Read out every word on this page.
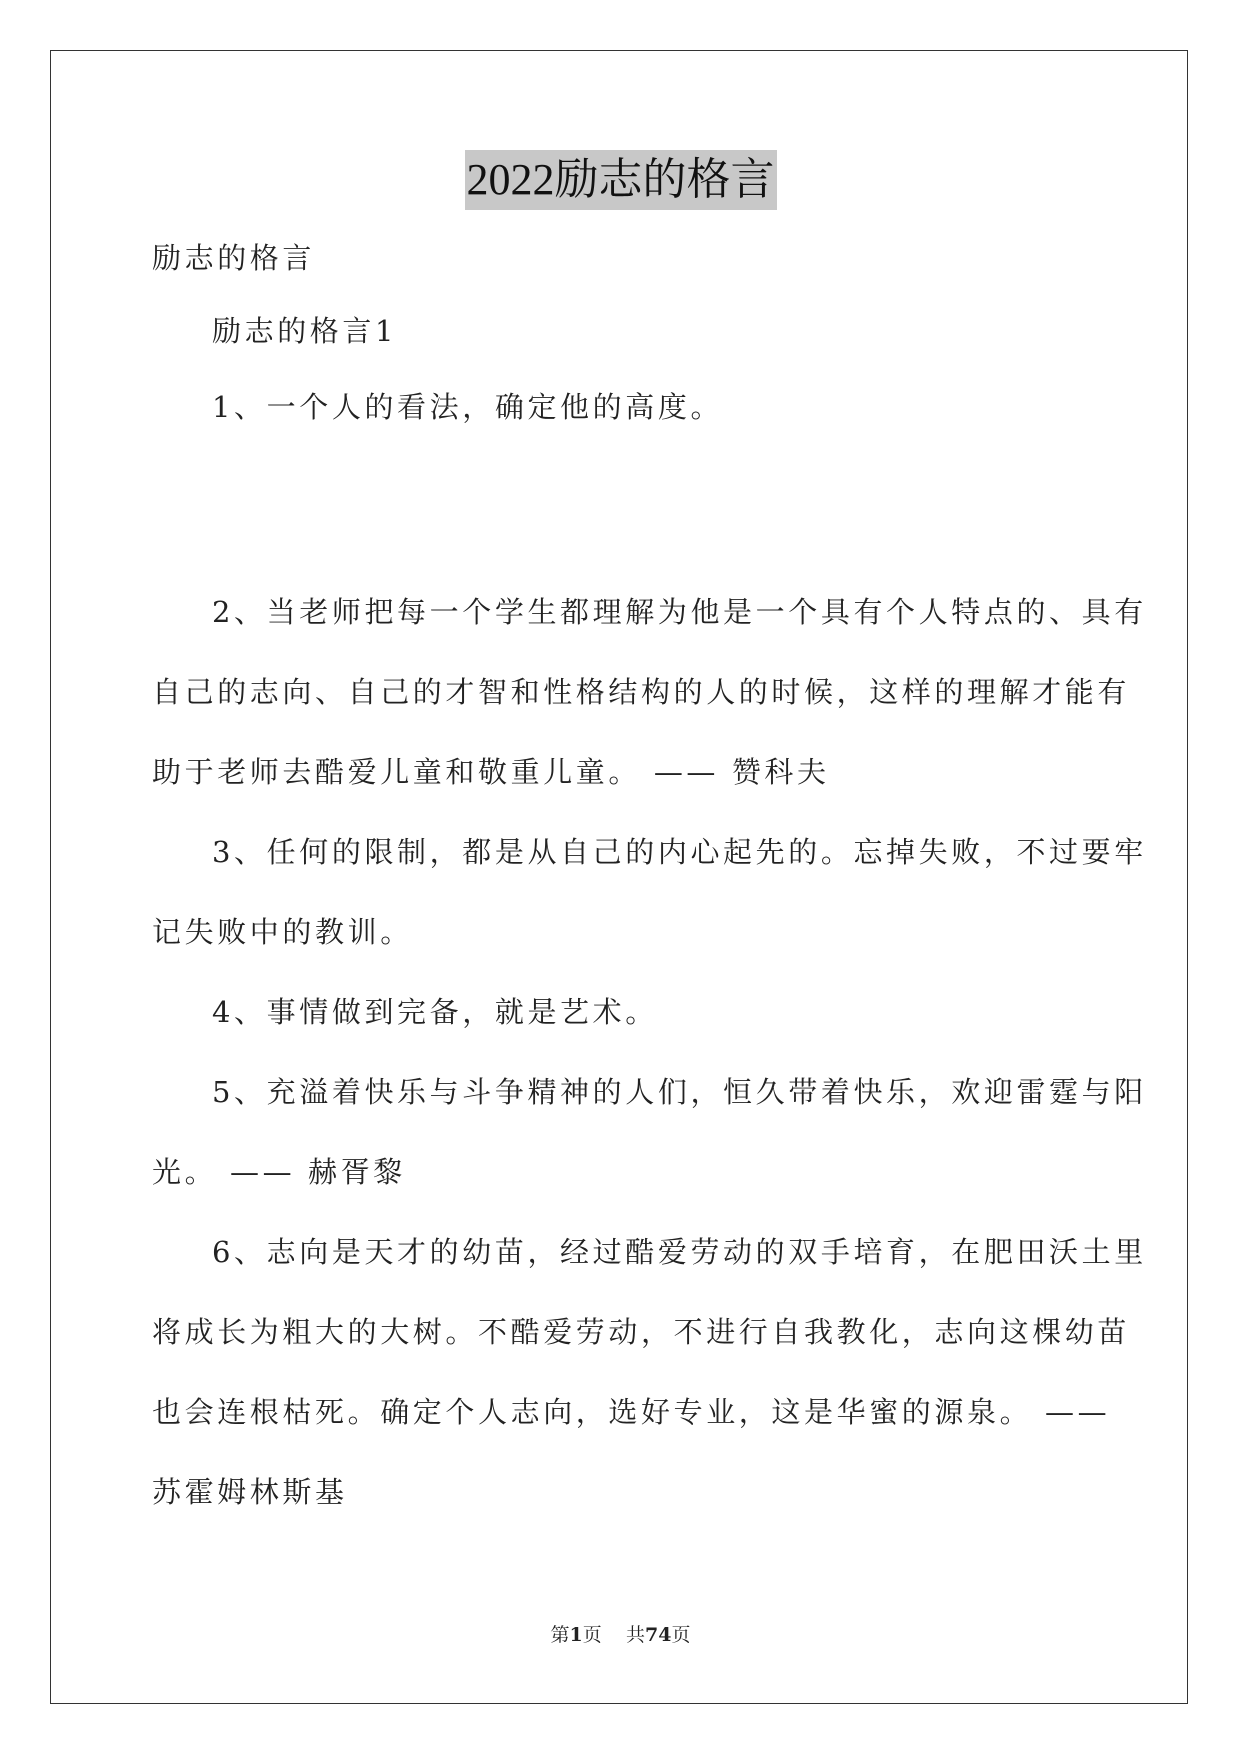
2022励志的格言
励志的格言
励志的格言1
1、一个人的看法，确定他的高度。
2、当老师把每一个学生都理解为他是一个具有个人特点的、具有
自己的志向、自己的才智和性格结构的人的时候，这样的理解才能有
助于老师去酷爱儿童和敬重儿童。 —— 赞科夫
3、任何的限制，都是从自己的内心起先的。忘掉失败，不过要牢
记失败中的教训。
4、事情做到完备，就是艺术。
5、充溢着快乐与斗争精神的人们，恒久带着快乐，欢迎雷霆与阳
光。 —— 赫胥黎
6、志向是天才的幼苗，经过酷爱劳动的双手培育，在肥田沃土里
将成长为粗大的大树。不酷爱劳动，不进行自我教化，志向这棵幼苗
也会连根枯死。确定个人志向，选好专业，这是华蜜的源泉。 ——
苏霍姆林斯基
第1页 共74页
